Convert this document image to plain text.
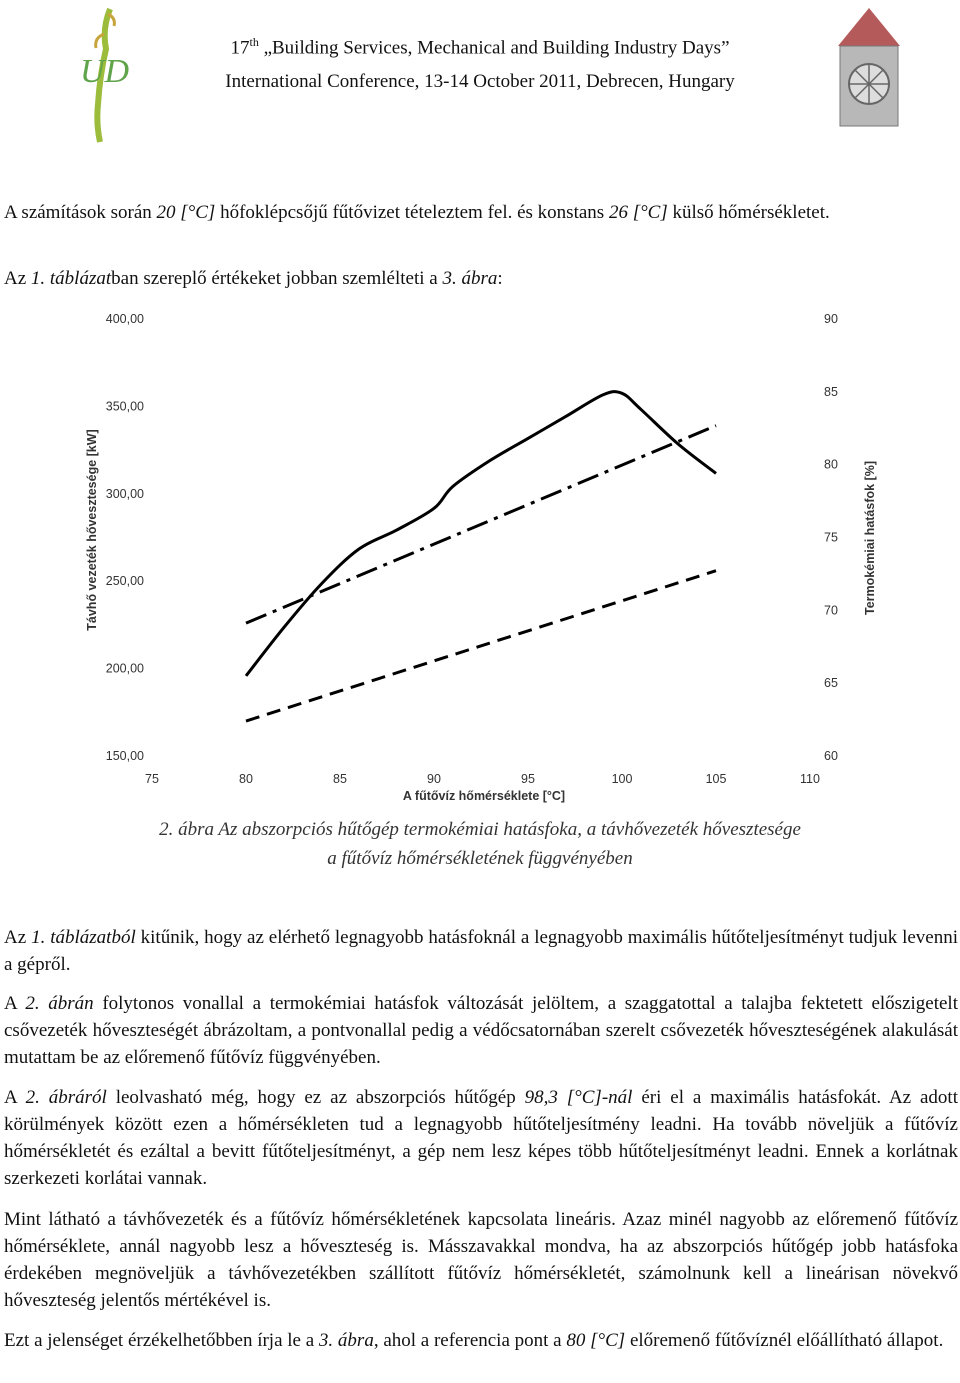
UD
17th „Building Services, Mechanical and Building Industry Days”
International Conference, 13-14 October 2011, Debrecen, Hungary
A számítások során 20 [°C] hőfoklépcsőjű fűtővizet tételeztem fel. és konstans 26 [°C] külső hőmérsékletet.
Az 1. táblázatban szereplő értékeket jobban szemlélteti a 3. ábra:
75	80	85	90	95	100	105	110
150,00
200,00
250,00
300,00
350,00
400,00
60
65
70
75
80
85
90
A fűtővíz hőmérséklete [°C]
Távhő vezeték hővesztesége [kW]	Termokémiai hatásfok [%]
2. ábra Az abszorpciós hűtőgép termokémiai hatásfoka, a távhővezeték hővesztesége
a fűtővíz hőmérsékletének függvényében
Az 1. táblázatból kitűnik, hogy az elérhető legnagyobb hatásfoknál a legnagyobb maximális hűtőteljesítményt tudjuk levenni a gépről.
A 2. ábrán folytonos vonallal a termokémiai hatásfok változását jelöltem, a szaggatottal a talajba fektetett előszigetelt csővezeték hőveszteségét ábrázoltam, a pontvonallal pedig a védőcsatornában szerelt csővezeték hőveszteségének alakulását mutattam be az előremenő fűtővíz függvényében.
A 2. ábráról leolvasható még, hogy ez az abszorpciós hűtőgép 98,3 [°C]-nál éri el a maximális hatásfokát. Az adott körülmények között ezen a hőmérsékleten tud a legnagyobb hűtőteljesítmény leadni. Ha tovább növeljük a fűtővíz hőmérsékletét és ezáltal a bevitt fűtőteljesítményt, a gép nem lesz képes több hűtőteljesítményt leadni. Ennek a korlátnak szerkezeti korlátai vannak.
Mint látható a távhővezeték és a fűtővíz hőmérsékletének kapcsolata lineáris. Azaz minél nagyobb az előremenő fűtővíz hőmérséklete, annál nagyobb lesz a hőveszteség is. Másszavakkal mondva, ha az abszorpciós hűtőgép jobb hatásfoka érdekében megnöveljük a távhővezetékben szállított fűtővíz hőmérsékletét, számolnunk kell a lineárisan növekvő hőveszteség jelentős mértékével is.
Ezt a jelenséget érzékelhetőbben írja le a 3. ábra, ahol a referencia pont a 80 [°C] előremenő fűtővíznél előállítható állapot.
